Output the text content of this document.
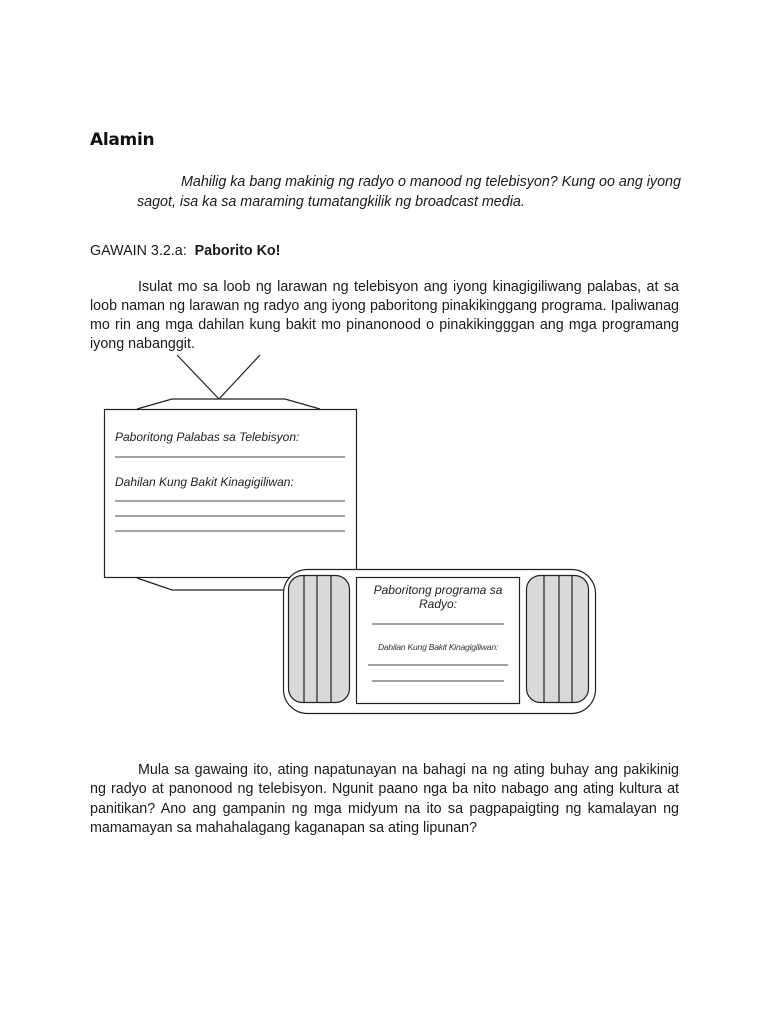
Alamin
Mahilig ka bang makinig ng radyo o manood ng telebisyon? Kung oo ang iyong sagot, isa ka sa maraming tumatangkilik ng broadcast media.
GAWAIN 3.2.a: Paborito Ko!
Isulat mo sa loob ng larawan ng telebisyon ang iyong kinagigiliwang palabas, at sa loob naman ng larawan ng radyo ang iyong paboritong pinakikinggang programa. Ipaliwanag mo rin ang mga dahilan kung bakit mo pinanonood o pinakikingggan ang mga programang iyong nabanggit.
Paboritong Palabas sa Telebisyon:
Dahilan Kung Bakit Kinagigiliwan:
Paboritong programa sa
Radyo:
Dahilan Kung Bakit Kinagigiliwan:
Mula sa gawaing ito, ating napatunayan na bahagi na ng ating buhay ang pakikinig ng radyo at panonood ng telebisyon. Ngunit paano nga ba nito nabago ang ating kultura at panitikan? Ano ang gampanin ng mga midyum na ito sa pagpapaigting ng kamalayan ng mamamayan sa mahahalagang kaganapan sa ating lipunan?
